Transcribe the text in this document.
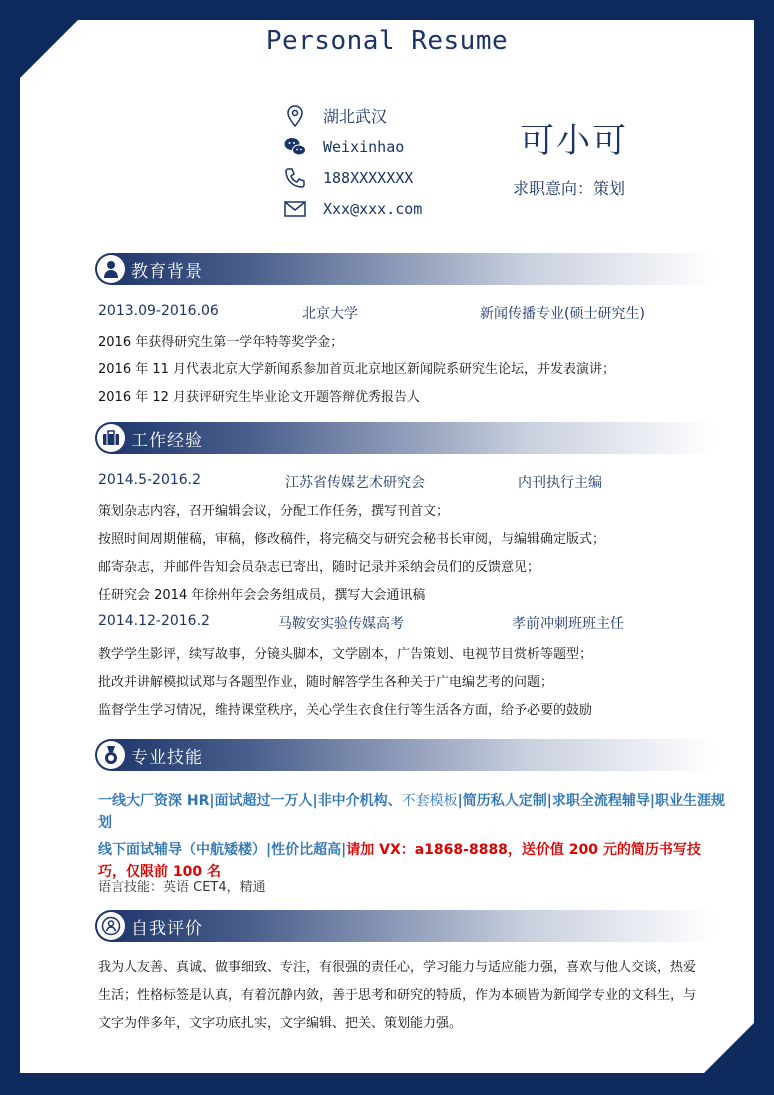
Personal Resume
湖北武汉
Weixinhao
188XXXXXXX
Xxx@xxx.com
可小可
求职意向：策划
教育背景
2013.09-2016.06	北京大学	新闻传播专业(硕士研究生)
2016 年获得研究生第一学年特等奖学金；
2016 年 11 月代表北京大学新闻系参加首页北京地区新闻院系研究生论坛，并发表演讲；
2016 年 12 月获评研究生毕业论文开题答辩优秀报告人
工作经验
2014.5-2016.2	江苏省传媒艺术研究会	内刊执行主编
策划杂志内容，召开编辑会议，分配工作任务，撰写刊首文；
按照时间周期催稿，审稿，修改稿件，将完稿交与研究会秘书长审阅，与编辑确定版式；
邮寄杂志，并邮件告知会员杂志已寄出，随时记录并采纳会员们的反馈意见；
任研究会 2014 年徐州年会会务组成员，撰写大会通讯稿
2014.12-2016.2	马鞍安实验传媒高考	孝前冲刺班班主任
教学学生影评，续写故事，分镜头脚本，文学剧本，广告策划、电视节目赏析等题型；
批改并讲解模拟试郑与各题型作业，随时解答学生各种关于广电编艺考的问题；
监督学生学习情况，维持课堂秩序，关心学生衣食住行等生活各方面，给予必要的鼓励
专业技能
一线大厂资深 HR|面试超过一万人|非中介机构、不套模板|简历私人定制|求职全流程辅导|职业生涯规划
线下面试辅导（中航矮楼）|性价比超高|请加 VX：a1868-8888，送价值 200 元的简历书写技巧，仅限前 100 名
语言技能：英语 CET4，精通
自我评价
我为人友善、真诚、做事细致、专注，有很强的责任心，学习能力与适应能力强，喜欢与他人交谈，热爱生活；性格标签是认真，有着沉静内敛，善于思考和研究的特质，作为本硕皆为新闻学专业的文科生，与文字为伴多年，文字功底扎实，文字编辑、把关、策划能力强。
